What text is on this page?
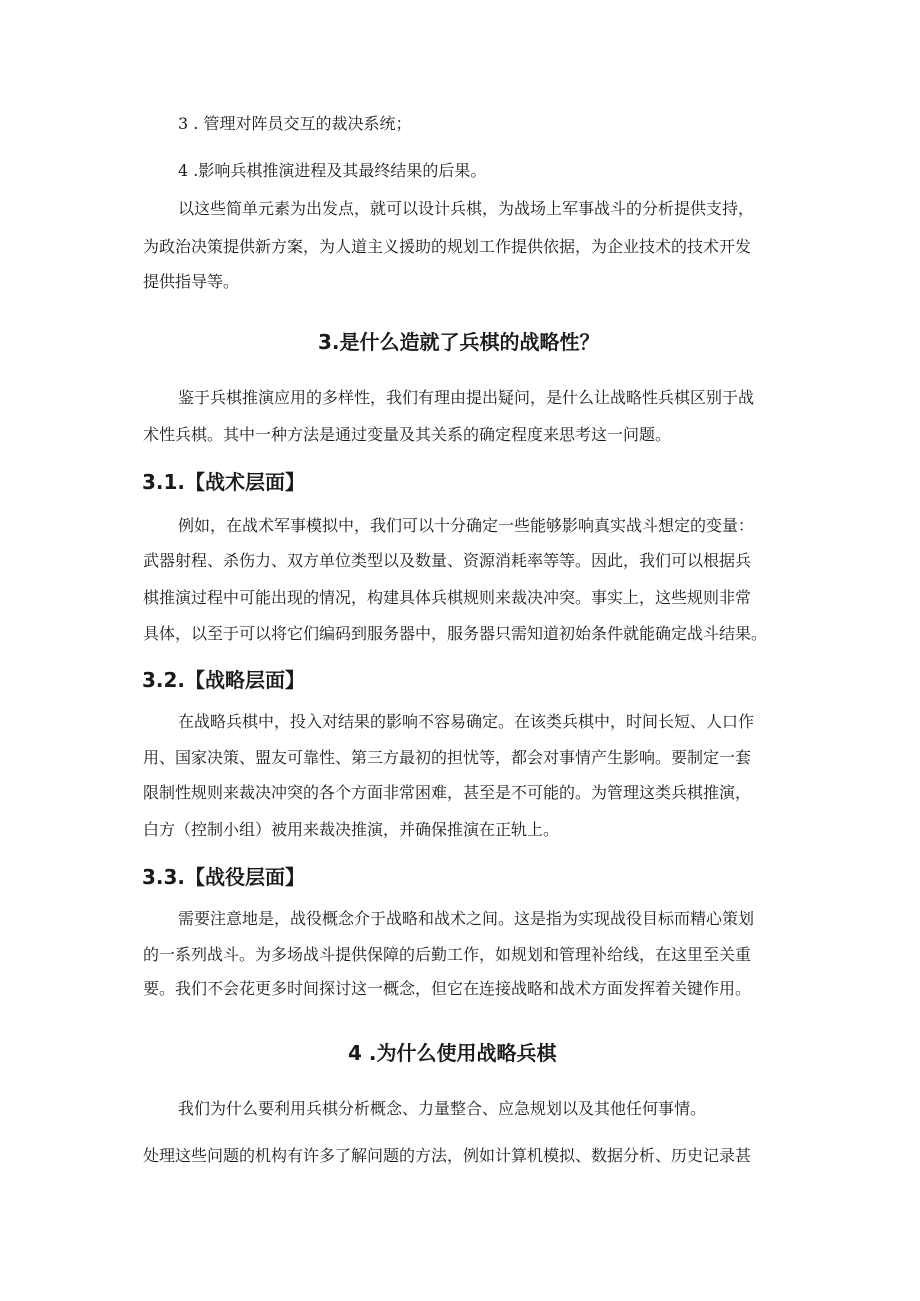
3 . 管理对阵员交互的裁决系统；

4 .影响兵棋推演进程及其最终结果的后果。

以这些简单元素为出发点，就可以设计兵棋，为战场上军事战斗的分析提供支持，

为政治决策提供新方案，为人道主义援助的规划工作提供依据，为企业技术的技术开发

提供指导等。

3.是什么造就了兵棋的战略性？

鉴于兵棋推演应用的多样性，我们有理由提出疑问，是什么让战略性兵棋区别于战

术性兵棋。其中一种方法是通过变量及其关系的确定程度来思考这一问题。

3.1.【战术层面】

例如，在战术军事模拟中，我们可以十分确定一些能够影响真实战斗想定的变量：

武器射程、杀伤力、双方单位类型以及数量、资源消耗率等等。因此，我们可以根据兵

棋推演过程中可能出现的情况，构建具体兵棋规则来裁决冲突。事实上，这些规则非常

具体，以至于可以将它们编码到服务器中，服务器只需知道初始条件就能确定战斗结果。

3.2.【战略层面】

在战略兵棋中，投入对结果的影响不容易确定。在该类兵棋中，时间长短、人口作

用、国家决策、盟友可靠性、第三方最初的担忧等，都会对事情产生影响。要制定一套

限制性规则来裁决冲突的各个方面非常困难，甚至是不可能的。为管理这类兵棋推演，

白方（控制小组）被用来裁决推演，并确保推演在正轨上。

3.3.【战役层面】

需要注意地是，战役概念介于战略和战术之间。这是指为实现战役目标而精心策划

的一系列战斗。为多场战斗提供保障的后勤工作，如规划和管理补给线，在这里至关重

要。我们不会花更多时间探讨这一概念，但它在连接战略和战术方面发挥着关键作用。

4 .为什么使用战略兵棋

我们为什么要利用兵棋分析概念、力量整合、应急规划以及其他任何事情。

处理这些问题的机构有许多了解问题的方法，例如计算机模拟、数据分析、历史记录甚
